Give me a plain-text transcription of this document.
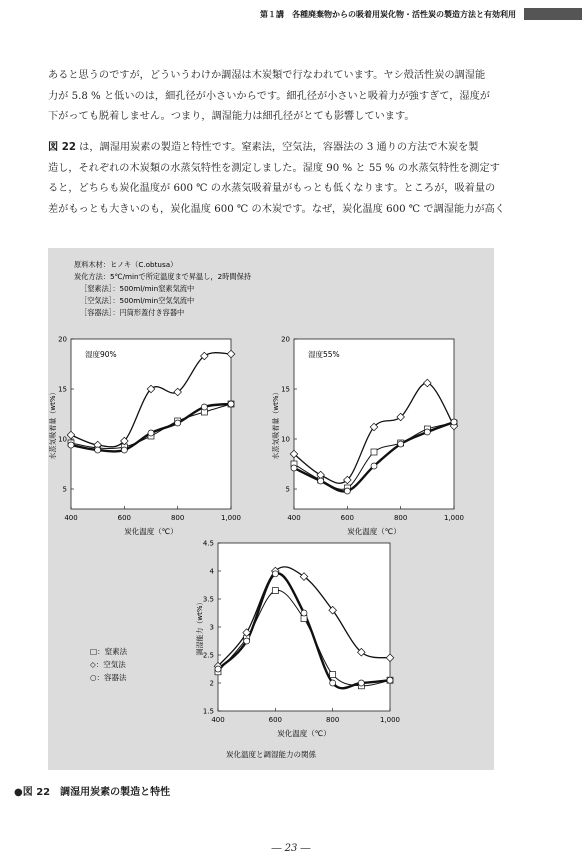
第１講　各種廃棄物からの吸着用炭化物・活性炭の製造方法と有効利用
あると思うのですが，どういうわけか調湿は木炭類で行なわれています。ヤシ殻活性炭の調湿能
力が 5.8 % と低いのは，細孔径が小さいからです。細孔径が小さいと吸着力が強すぎて，湿度が
下がっても脱着しません。つまり，調湿能力は細孔径がとても影響しています。
図 22 は，調湿用炭素の製造と特性です。窒素法，空気法，容器法の 3 通りの方法で木炭を製
造し，それぞれの木炭類の水蒸気特性を測定しました。湿度 90 % と 55 % の水蒸気特性を測定す
ると，どちらも炭化温度が 600 ℃ の水蒸気吸着量がもっとも低くなります。ところが，吸着量の
差がもっとも大きいのも，炭化温度 600 ℃ の木炭です。なぜ，炭化温度 600 ℃ で調湿能力が高く
原料木材：ヒノキ（C.obtusa）
炭化方法：5℃/minで所定温度まで昇温し，2時間保持
［窒素法］：500ml/min窒素気流中
［空気法］：500ml/min空気気流中
［容器法］：円筒形蓋付き容器中
□：窒素法
◇：空気法
○：容器法
炭化温度と調湿能力の関係
400	600	800	1,000
5
10
15
20
炭化温度（℃）
水蒸気吸着量（wt%）
湿度90%
400	600	800	1,000
5
10
15
20
炭化温度（℃）
水蒸気吸着量（wt%）
湿度55%
400	600	800	1,000
1.5
2
2.5
3
3.5
4
4.5
炭化温度（℃）
調湿能力（wt%）
●図 22　調湿用炭素の製造と特性
― 23 ―
